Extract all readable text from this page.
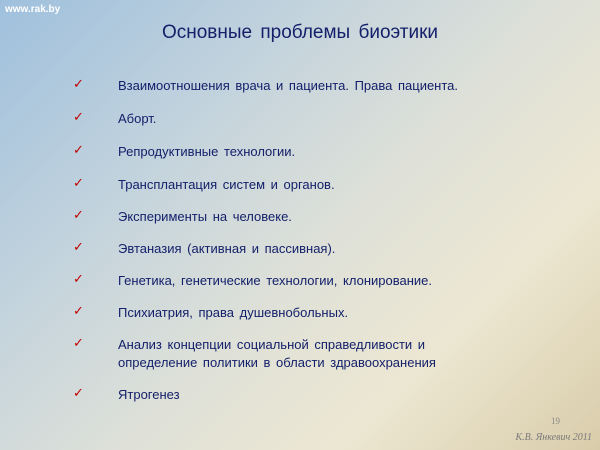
www.rak.by
Основные проблемы биоэтики
✓	Взаимоотношения врача и пациента. Права пациента.
✓	Аборт.
✓	Репродуктивные технологии.
✓	Трансплантация систем и органов.
✓	Эксперименты на человеке.
✓	Эвтаназия (активная и пассивная).
✓	Генетика, генетические технологии, клонирование.
✓	Психиатрия, права душевнобольных.
✓	Анализ концепции социальной справедливости и определение политики в области здравоохранения
✓	Ятрогенез
19
К.В. Янкевич 2011
